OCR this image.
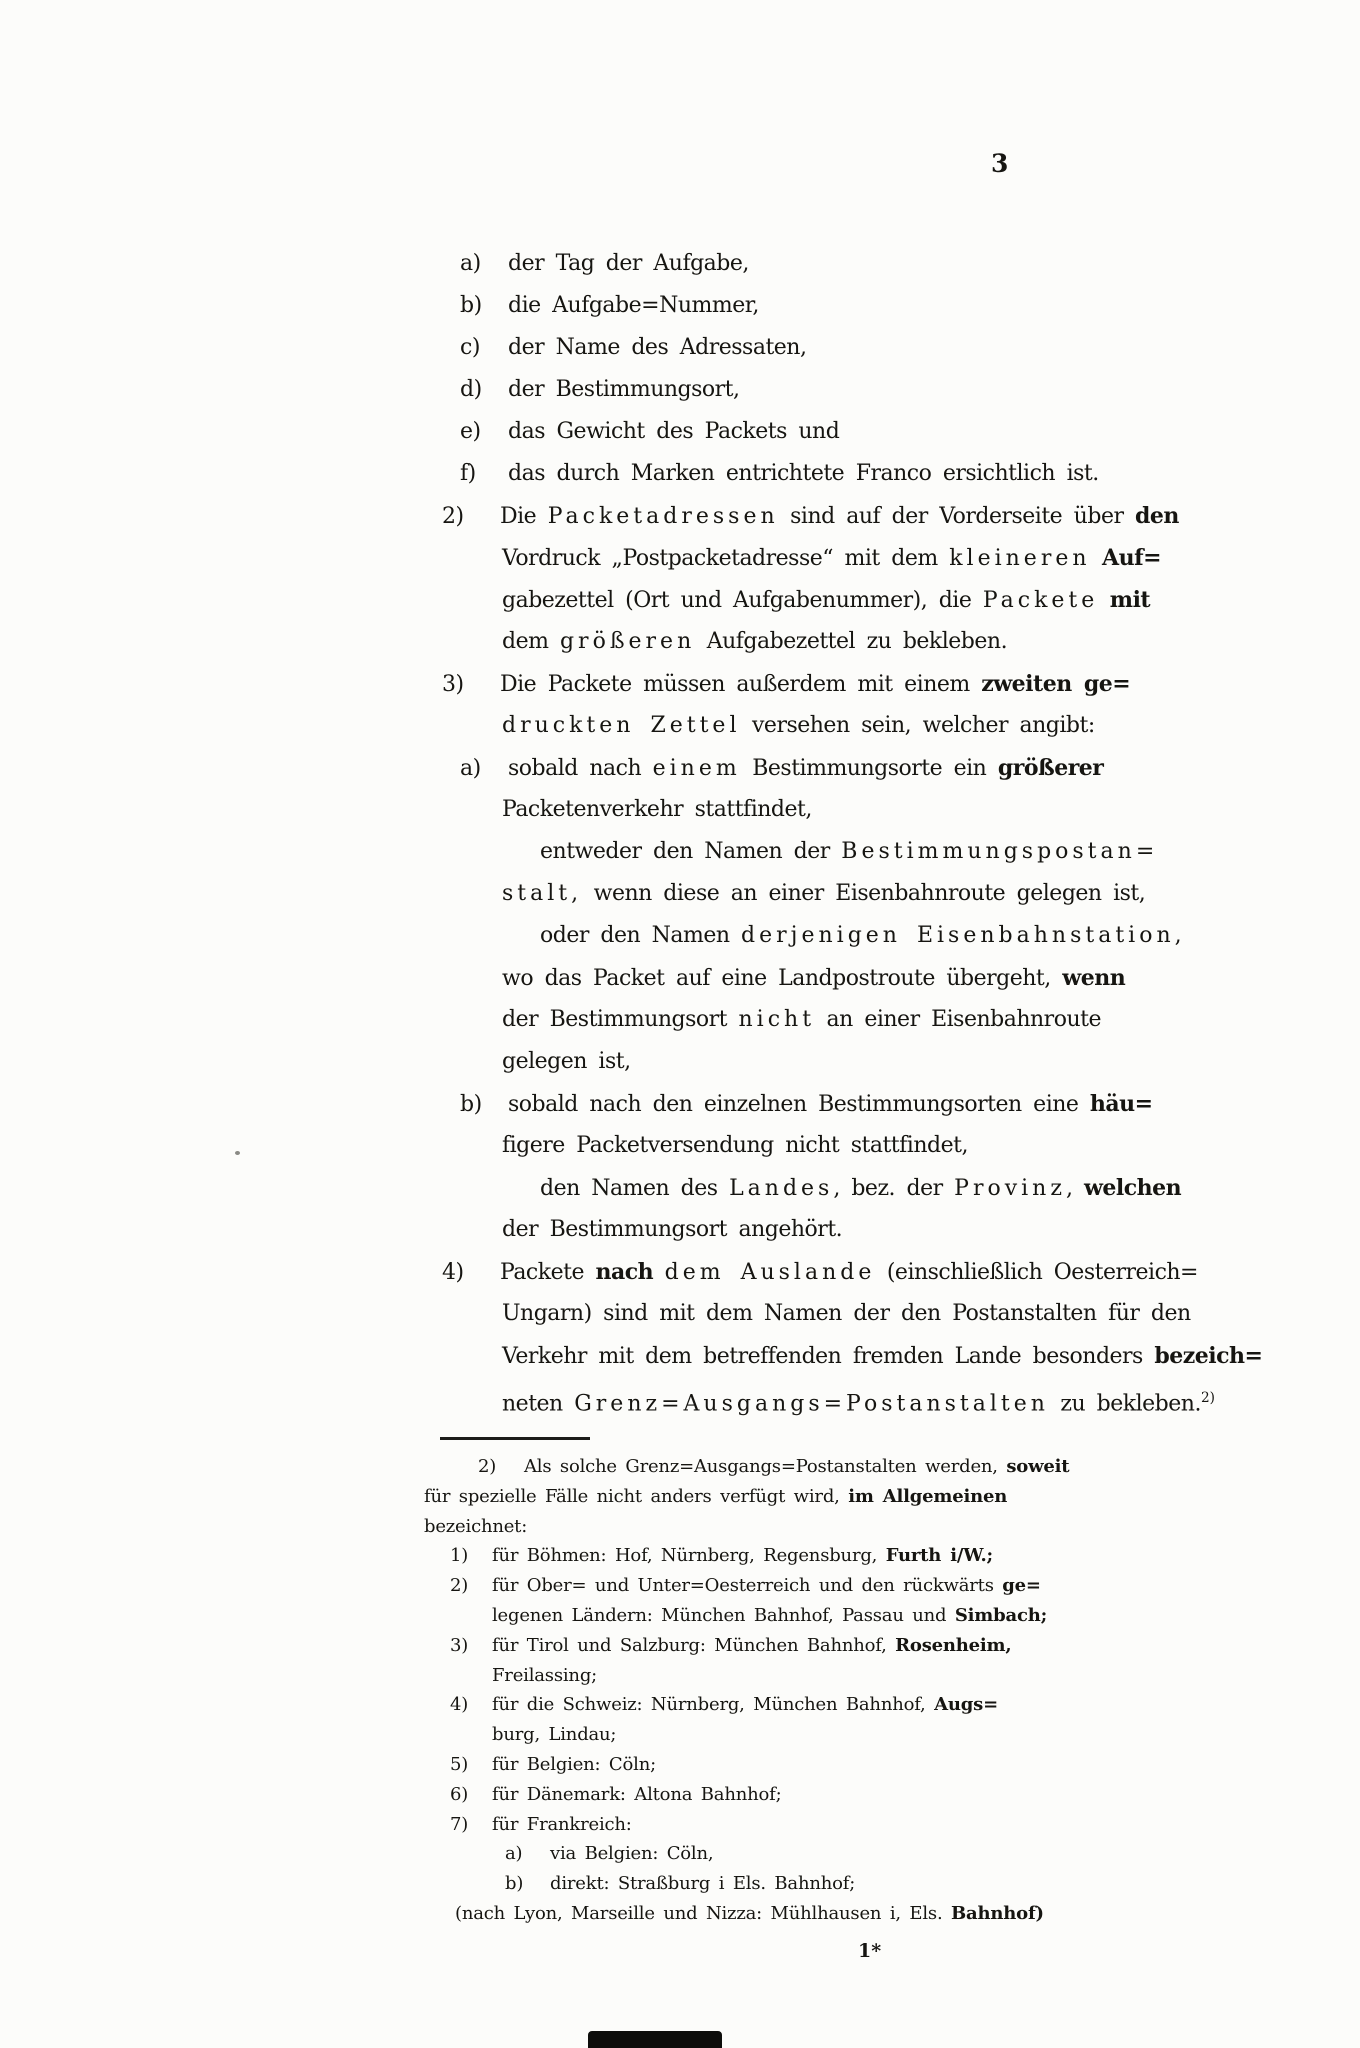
3
a) der Tag der Aufgabe,
b) die Aufgabe=Nummer,
c) der Name des Adressaten,
d) der Bestimmungsort,
e) das Gewicht des Packets und
f) das durch Marken entrichtete Franco ersichtlich ist.
2) Die Packetadressen sind auf der Vorderseite über den
Vordruck „Postpacketadresse“ mit dem kleineren Auf=
gabezettel (Ort und Aufgabenummer), die Packete mit
dem größeren Aufgabezettel zu bekleben.
3) Die Packete müssen außerdem mit einem zweiten ge=
druckten Zettel versehen sein, welcher angibt:
a) sobald nach einem Bestimmungsorte ein größerer
Packetenverkehr stattfindet,
entweder den Namen der Bestimmungspostan=
stalt, wenn diese an einer Eisenbahnroute gelegen ist,
oder den Namen derjenigen Eisenbahnstation,
wo das Packet auf eine Landpostroute übergeht, wenn
der Bestimmungsort nicht an einer Eisenbahnroute
gelegen ist,
b) sobald nach den einzelnen Bestimmungsorten eine häu=
figere Packetversendung nicht stattfindet,
den Namen des Landes, bez. der Provinz, welchen
der Bestimmungsort angehört.
4) Packete nach dem Auslande (einschließlich Oesterreich=
Ungarn) sind mit dem Namen der den Postanstalten für den
Verkehr mit dem betreffenden fremden Lande besonders bezeich=
neten Grenz=Ausgangs=Postanstalten zu bekleben.$^{2)}$
2) Als solche Grenz=Ausgangs=Postanstalten werden, soweit
für spezielle Fälle nicht anders verfügt wird, im Allgemeinen
bezeichnet:
1) für Böhmen: Hof, Nürnberg, Regensburg, Furth i/W.;
2) für Ober= und Unter=Oesterreich und den rückwärts ge=
legenen Ländern: München Bahnhof, Passau und Simbach;
3) für Tirol und Salzburg: München Bahnhof, Rosenheim,
Freilassing;
4) für die Schweiz: Nürnberg, München Bahnhof, Augs=
burg, Lindau;
5) für Belgien: Cöln;
6) für Dänemark: Altona Bahnhof;
7) für Frankreich:
a) via Belgien: Cöln,
b) direkt: Straßburg i Els. Bahnhof;
(nach Lyon, Marseille und Nizza: Mühlhausen i, Els. Bahnhof)
1*
